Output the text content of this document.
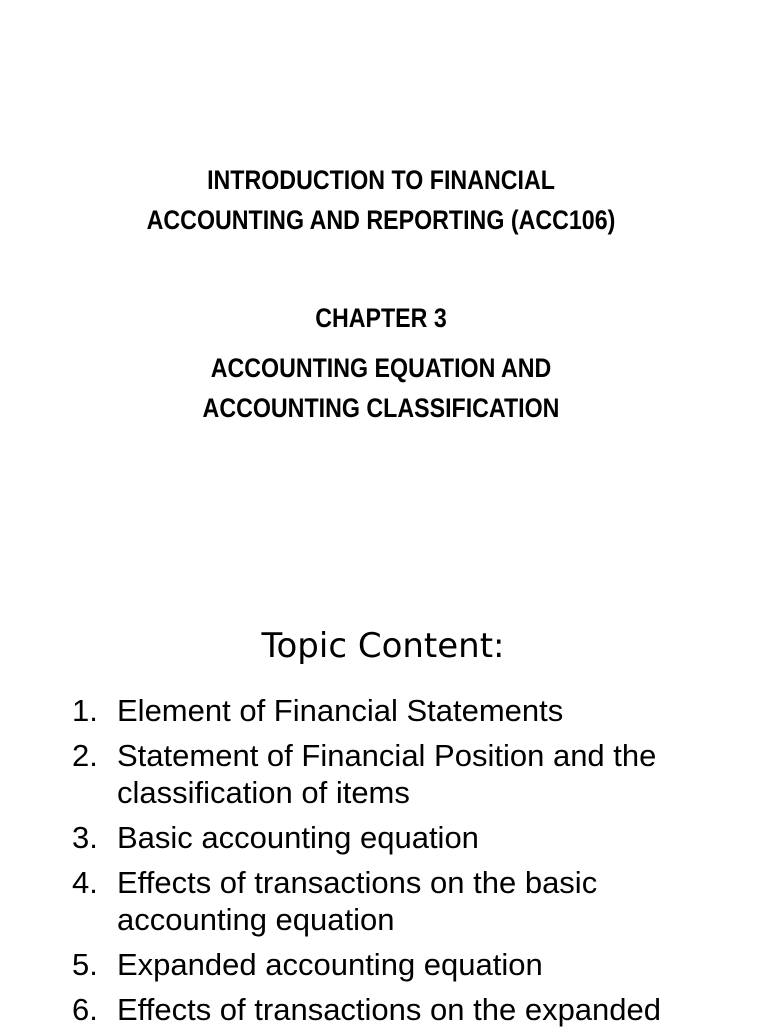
INTRODUCTION TO FINANCIAL
ACCOUNTING AND REPORTING (ACC106)
CHAPTER 3
ACCOUNTING EQUATION AND
ACCOUNTING CLASSIFICATION
Topic Content:
1. Element of Financial Statements
2. Statement of Financial Position and the
classification of items
3. Basic accounting equation
4. Effects of transactions on the basic
accounting equation
5. Expanded accounting equation
6. Effects of transactions on the expanded
